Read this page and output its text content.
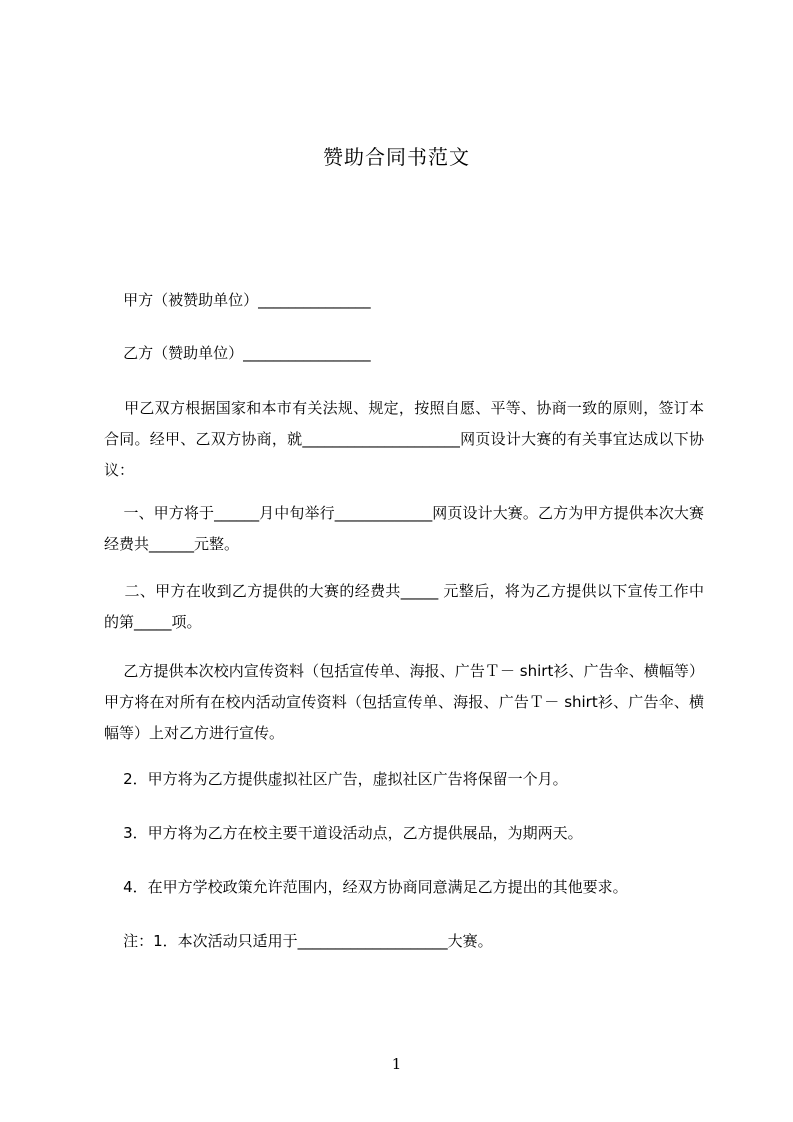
赞助合同书范文
甲方（被赞助单位）_______________
乙方（赞助单位）_________________
甲乙双方根据国家和本市有关法规、规定，按照自愿、平等、协商一致的原则，签订本合同。经甲、乙双方协商，就_____________________网页设计大赛的有关事宜达成以下协议：
一、甲方将于______月中旬举行_____________网页设计大赛。乙方为甲方提供本次大赛经费共______元整。
二、甲方在收到乙方提供的大赛的经费共_____ 元整后，将为乙方提供以下宣传工作中的第_____项。
乙方提供本次校内宣传资料（包括宣传单、海报、广告Ｔ－ shirt衫、广告伞、横幅等）甲方将在对所有在校内活动宣传资料（包括宣传单、海报、广告Ｔ－ shirt衫、广告伞、横幅等）上对乙方进行宣传。
2．甲方将为乙方提供虚拟社区广告，虚拟社区广告将保留一个月。
3．甲方将为乙方在校主要干道设活动点，乙方提供展品，为期两天。
4．在甲方学校政策允许范围内，经双方协商同意满足乙方提出的其他要求。
注：1．本次活动只适用于____________________大赛。
1
